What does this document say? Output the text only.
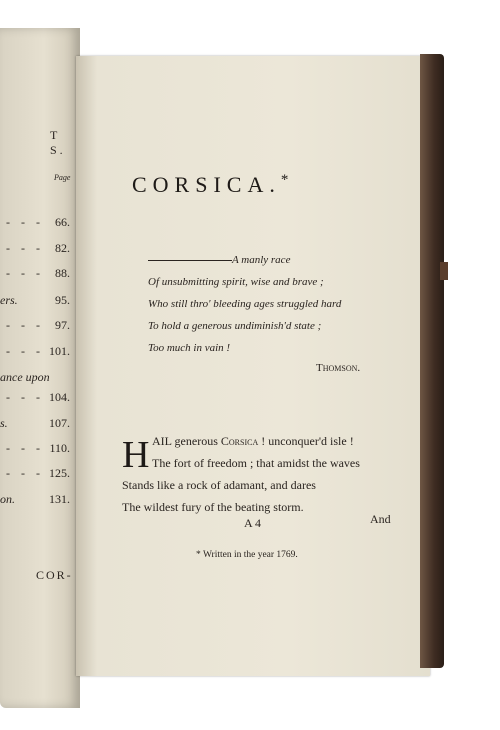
T S.
Page
- - - 66.
- - - 82.
- - - 88.
ers.	95.
- - - 97.
- - - 101.
ance upon
- - - 104.
s.	107.
- - - 110.
- - - 125.
on.	131.
COR-
CORSICA.*
A manly race
Of unsubmitting spirit, wise and brave ;
Who still thro' bleeding ages struggled hard
To hold a generous undiminish'd state ;
Too much in vain !
Thomson.
H AIL generous Corsica ! unconquer'd isle !
The fort of freedom ; that amidst the waves
Stands like a rock of adamant, and dares
The wildest fury of the beating storm.
A 4	And
* Written in the year 1769.
